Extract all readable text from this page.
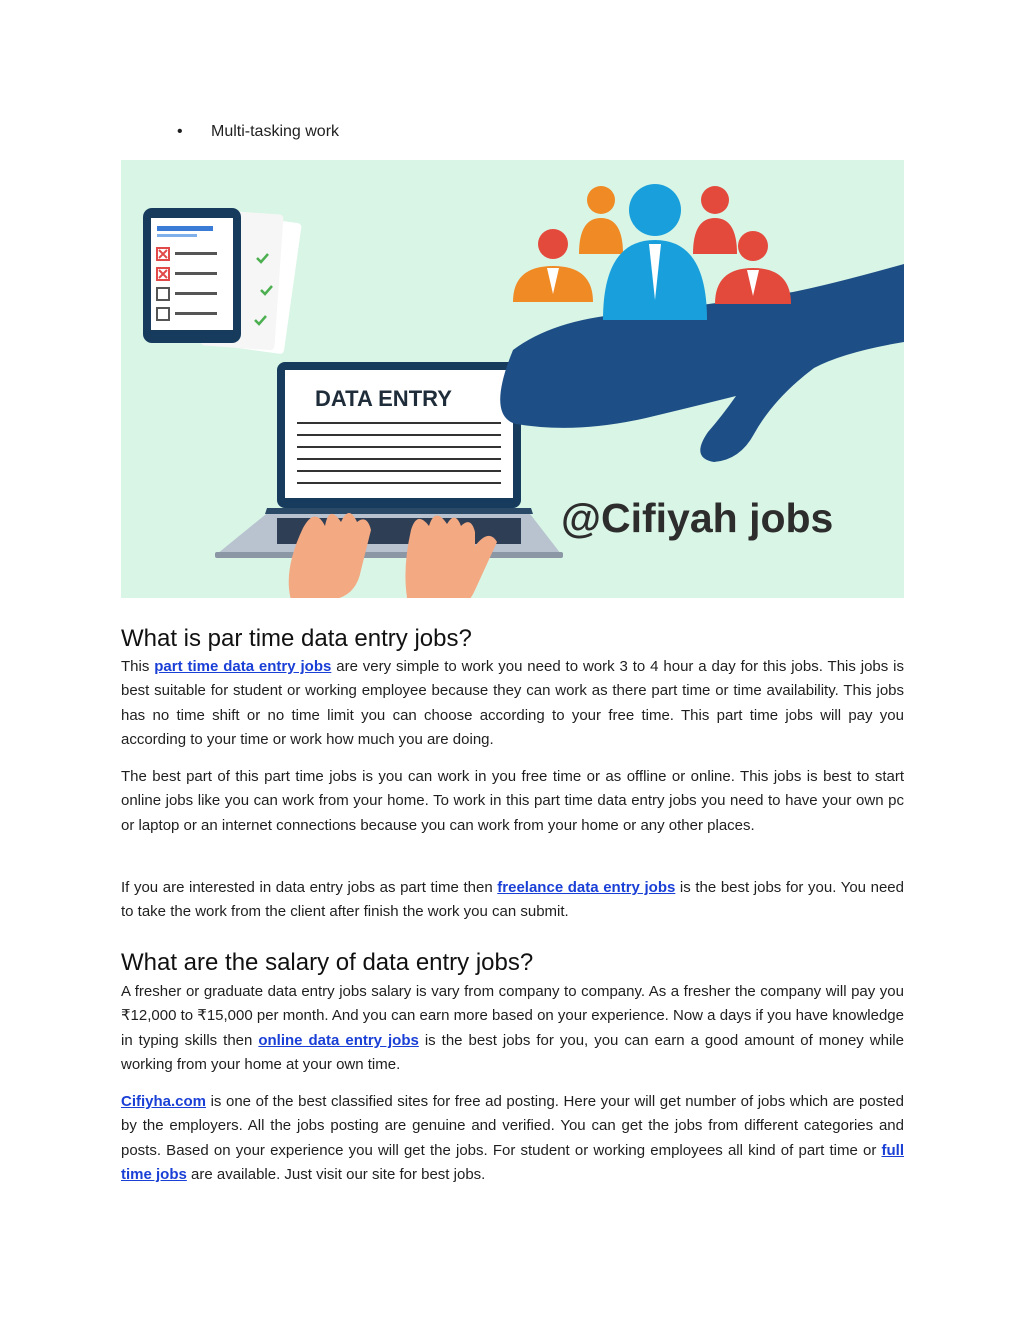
• Multi-tasking work
DATA ENTRY
@Cifiyah jobs
What is par time data entry jobs?

This part time data entry jobs are very simple to work you need to work 3 to 4 hour a day for this jobs. This jobs is best suitable for student or working employee because they can work as there part time or time availability. This jobs has no time shift or no time limit you can choose according to your free time. This part time jobs will pay you according to your time or work how much you are doing.

The best part of this part time jobs is you can work in you free time or as offline or online. This jobs is best to start online jobs like you can work from your home. To work in this part time data entry jobs you need to have your own pc or laptop or an internet connections because you can work from your home or any other places.

If you are interested in data entry jobs as part time then freelance data entry jobs is the best jobs for you. You need to take the work from the client after finish the work you can submit.

What are the salary of data entry jobs?

A fresher or graduate data entry jobs salary is vary from company to company. As a fresher the company will pay you ₹12,000 to ₹15,000 per month. And you can earn more based on your experience. Now a days if you have knowledge in typing skills then online data entry jobs is the best jobs for you, you can earn a good amount of money while working from your home at your own time.

Cifiyha.com is one of the best classified sites for free ad posting. Here your will get number of jobs which are posted by the employers. All the jobs posting are genuine and verified. You can get the jobs from different categories and posts. Based on your experience you will get the jobs. For student or working employees all kind of part time or full time jobs are available. Just visit our site for best jobs.
